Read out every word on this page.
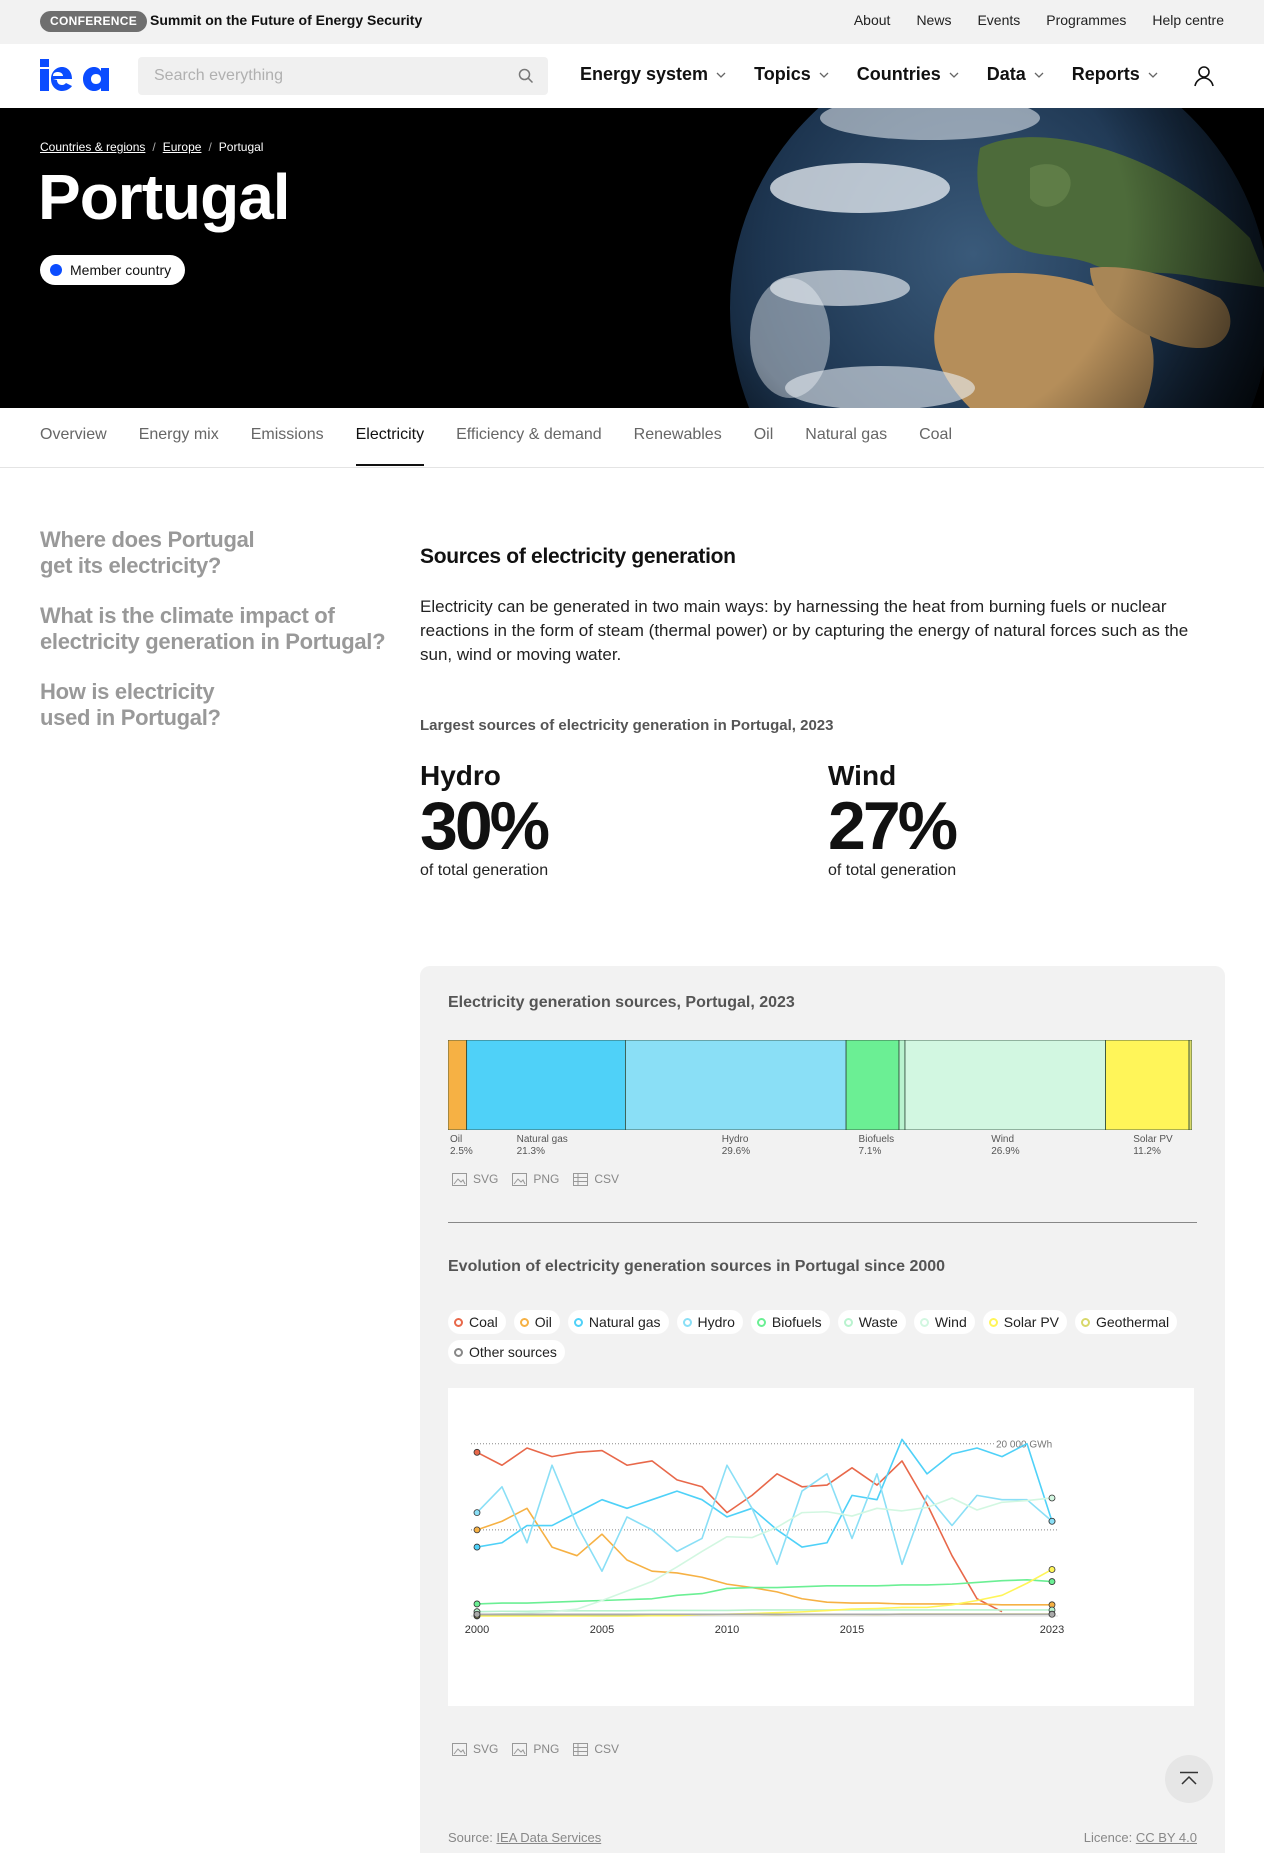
CONFERENCE Summit on the Future of Energy Security	About News Events Programmes Help centre
Search everything
Energy system	Topics	Countries	Data	Reports
Countries & regions / Europe / Portugal
Portugal
Member country
Overview Energy mix Emissions Electricity Efficiency & demand Renewables Oil Natural gas Coal
Where does Portugal get its electricity?
What is the climate impact of electricity generation in Portugal?
How is electricity used in Portugal?
Sources of electricity generation

Electricity can be generated in two main ways: by harnessing the heat from burning fuels or nuclear reactions in the form of steam (thermal power) or by capturing the energy of natural forces such as the sun, wind or moving water.

Largest sources of electricity generation in Portugal, 2023
Hydro
30%
of total generation
Wind
27%
of total generation
Electricity generation sources, Portugal, 2023
Oil
2.5%
Natural gas
21.3%
Hydro
29.6%
Biofuels
7.1%
Wind
26.9%
Solar PV
11.2%
SVG	PNG	CSV
Evolution of electricity generation sources in Portugal since 2000
Coal	Oil	Natural gas	Hydro	Biofuels	Waste	Wind	Solar PV	Geothermal
Other sources
20 000 GWh
2000	2005	2010	2015	2023
SVG	PNG	CSV
Source: IEA Data Services	Licence: CC BY 4.0
